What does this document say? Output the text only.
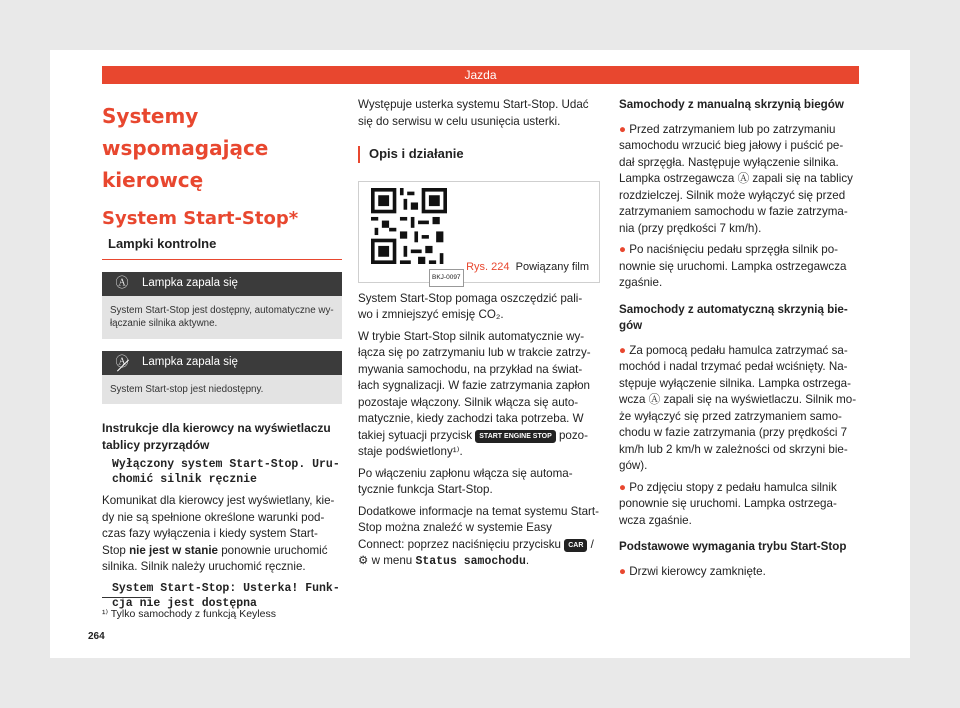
Jazda
Systemy wspomagające kierowcę
System Start-Stop*
Lampki kontrolne
Ⓐ	Lampka zapala się
System Start-Stop jest dostępny, automatyczne wy- łączanie silnika aktywne.
Ⓐ	Lampka zapala się
System Start-stop jest niedostępny.
Instrukcje dla kierowcy na wyświetlaczu tablicy przyrządów
Wyłączony system Start-Stop. Uru- chomić silnik ręcznie

Komunikat dla kierowcy jest wyświetlany, kie- dy nie są spełnione określone warunki pod- czas fazy wyłączenia i kiedy system Start- Stop nie jest w stanie ponownie uruchomić silnika. Silnik należy uruchomić ręcznie.

System Start-Stop: Usterka! Funk- cja nie jest dostępna

Występuje usterka systemu Start-Stop. Udać się do serwisu w celu usunięcia usterki.

Opis i działanie
BKJ-0097
Rys. 224 Powiązany film

System Start-Stop pomaga oszczędzić pali- wo i zmniejszyć emisję CO₂.

W trybie Start-Stop silnik automatycznie wy- łącza się po zatrzymaniu lub w trakcie zatrzy- mywania samochodu, na przykład na świat- łach sygnalizacji. W fazie zatrzymania zapłon pozostaje włączony. Silnik włącza się auto- matycznie, kiedy zachodzi taka potrzeba. W takiej sytuacji przycisk START ENGINE STOP pozo- staje podświetlony¹⁾.

Po włączeniu zapłonu włącza się automa- tycznie funkcja Start-Stop.

Dodatkowe informacje na temat systemu Start-Stop można znaleźć w systemie Easy Connect: poprzez naciśnięciu przycisku CAR / ⚙ w menu Status samochodu.

Samochody z manualną skrzynią biegów

● Przed zatrzymaniem lub po zatrzymaniu samochodu wrzucić bieg jałowy i puścić pe- dał sprzęgła. Następuje wyłączenie silnika. Lampka ostrzegawcza Ⓐ zapali się na tablicy rozdzielczej. Silnik może wyłączyć się przed zatrzymaniem samochodu w fazie zatrzyma- nia (przy prędkości 7 km/h).

● Po naciśnięciu pedału sprzęgła silnik po- nownie się uruchomi. Lampka ostrzegawcza zgaśnie.

Samochody z automatyczną skrzynią bie- gów

● Za pomocą pedału hamulca zatrzymać sa- mochód i nadal trzymać pedał wciśnięty. Na- stępuje wyłączenie silnika. Lampka ostrzega- wcza Ⓐ zapali się na wyświetlaczu. Silnik mo- że wyłączyć się przed zatrzymaniem samo- chodu w fazie zatrzymania (przy prędkości 7 km/h lub 2 km/h w zależności od skrzyni bie- gów).

● Po zdjęciu stopy z pedału hamulca silnik ponownie się uruchomi. Lampka ostrzega- wcza zgaśnie.

Podstawowe wymagania trybu Start-Stop

● Drzwi kierowcy zamknięte.

¹⁾ Tylko samochody z funkcją Keyless
264
